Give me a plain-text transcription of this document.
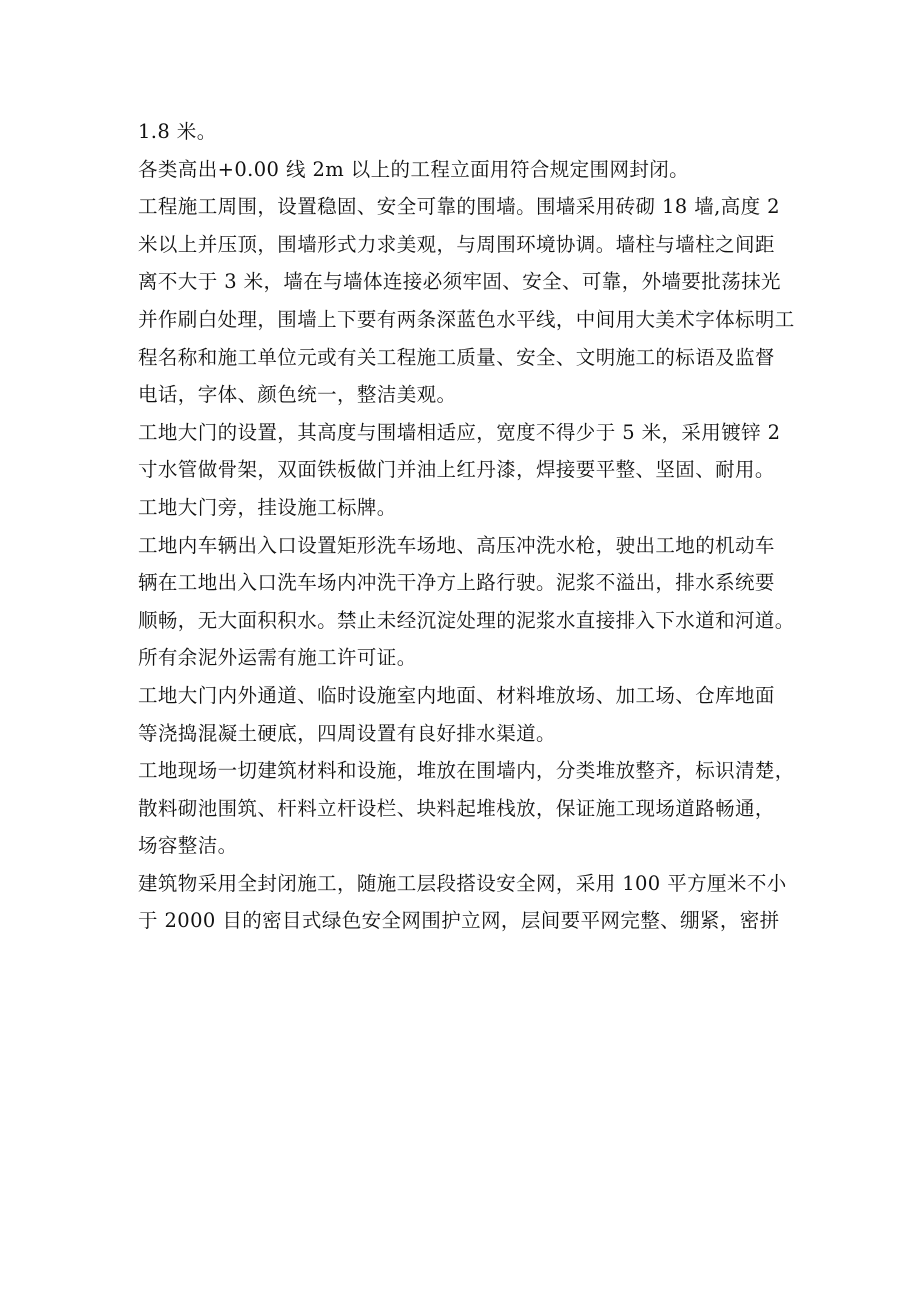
1.8 米。
各类高出+0.00 线 2m 以上的工程立面用符合规定围网封闭。
工程施工周围，设置稳固、安全可靠的围墙。围墙采用砖砌 18 墙,高度 2
米以上并压顶，围墙形式力求美观，与周围环境协调。墙柱与墙柱之间距
离不大于 3 米，墙在与墙体连接必须牢固、安全、可靠，外墙要批荡抹光
并作刷白处理，围墙上下要有两条深蓝色水平线，中间用大美术字体标明工
程名称和施工单位元或有关工程施工质量、安全、文明施工的标语及监督
电话，字体、颜色统一，整洁美观。
工地大门的设置，其高度与围墙相适应，宽度不得少于 5 米，采用镀锌 2
寸水管做骨架，双面铁板做门并油上红丹漆，焊接要平整、坚固、耐用。
工地大门旁，挂设施工标牌。
工地内车辆出入口设置矩形洗车场地、高压冲洗水枪，驶出工地的机动车
辆在工地出入口洗车场内冲洗干净方上路行驶。泥浆不溢出，排水系统要
顺畅，无大面积积水。禁止未经沉淀处理的泥浆水直接排入下水道和河道。
所有余泥外运需有施工许可证。
工地大门内外通道、临时设施室内地面、材料堆放场、加工场、仓库地面
等浇捣混凝土硬底，四周设置有良好排水渠道。
工地现场一切建筑材料和设施，堆放在围墙内，分类堆放整齐，标识清楚，
散料砌池围筑、杆料立杆设栏、块料起堆栈放，保证施工现场道路畅通，
场容整洁。
建筑物采用全封闭施工，随施工层段搭设安全网，采用 100 平方厘米不小
于 2000 目的密目式绿色安全网围护立网，层间要平网完整、绷紧，密拼
